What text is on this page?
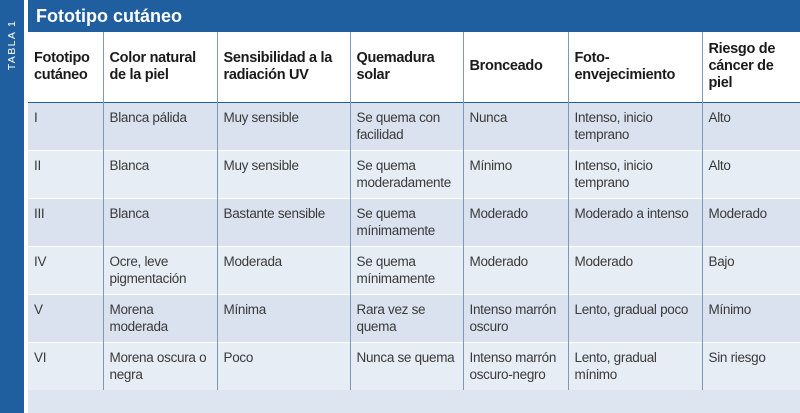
TABLA 1
Fototipo cutáneo
Fototipo cutáneo	Color natural de la piel	Sensibilidad a la radiación UV	Quemadura solar	Bronceado	Foto-envejecimiento	Riesgo de cáncer de piel
I	Blanca pálida	Muy sensible	Se quema con facilidad	Nunca	Intenso, inicio temprano	Alto
II	Blanca	Muy sensible	Se quema moderadamente	Mínimo	Intenso, inicio temprano	Alto
III	Blanca	Bastante sensible	Se quema mínimamente	Moderado	Moderado a intenso	Moderado
IV	Ocre, leve pigmentación	Moderada	Se quema mínimamente	Moderado	Moderado	Bajo
V	Morena moderada	Mínima	Rara vez se quema	Intenso marrón oscuro	Lento, gradual poco	Mínimo
VI	Morena oscura o negra	Poco	Nunca se quema	Intenso marrón oscuro-negro	Lento, gradual mínimo	Sin riesgo
